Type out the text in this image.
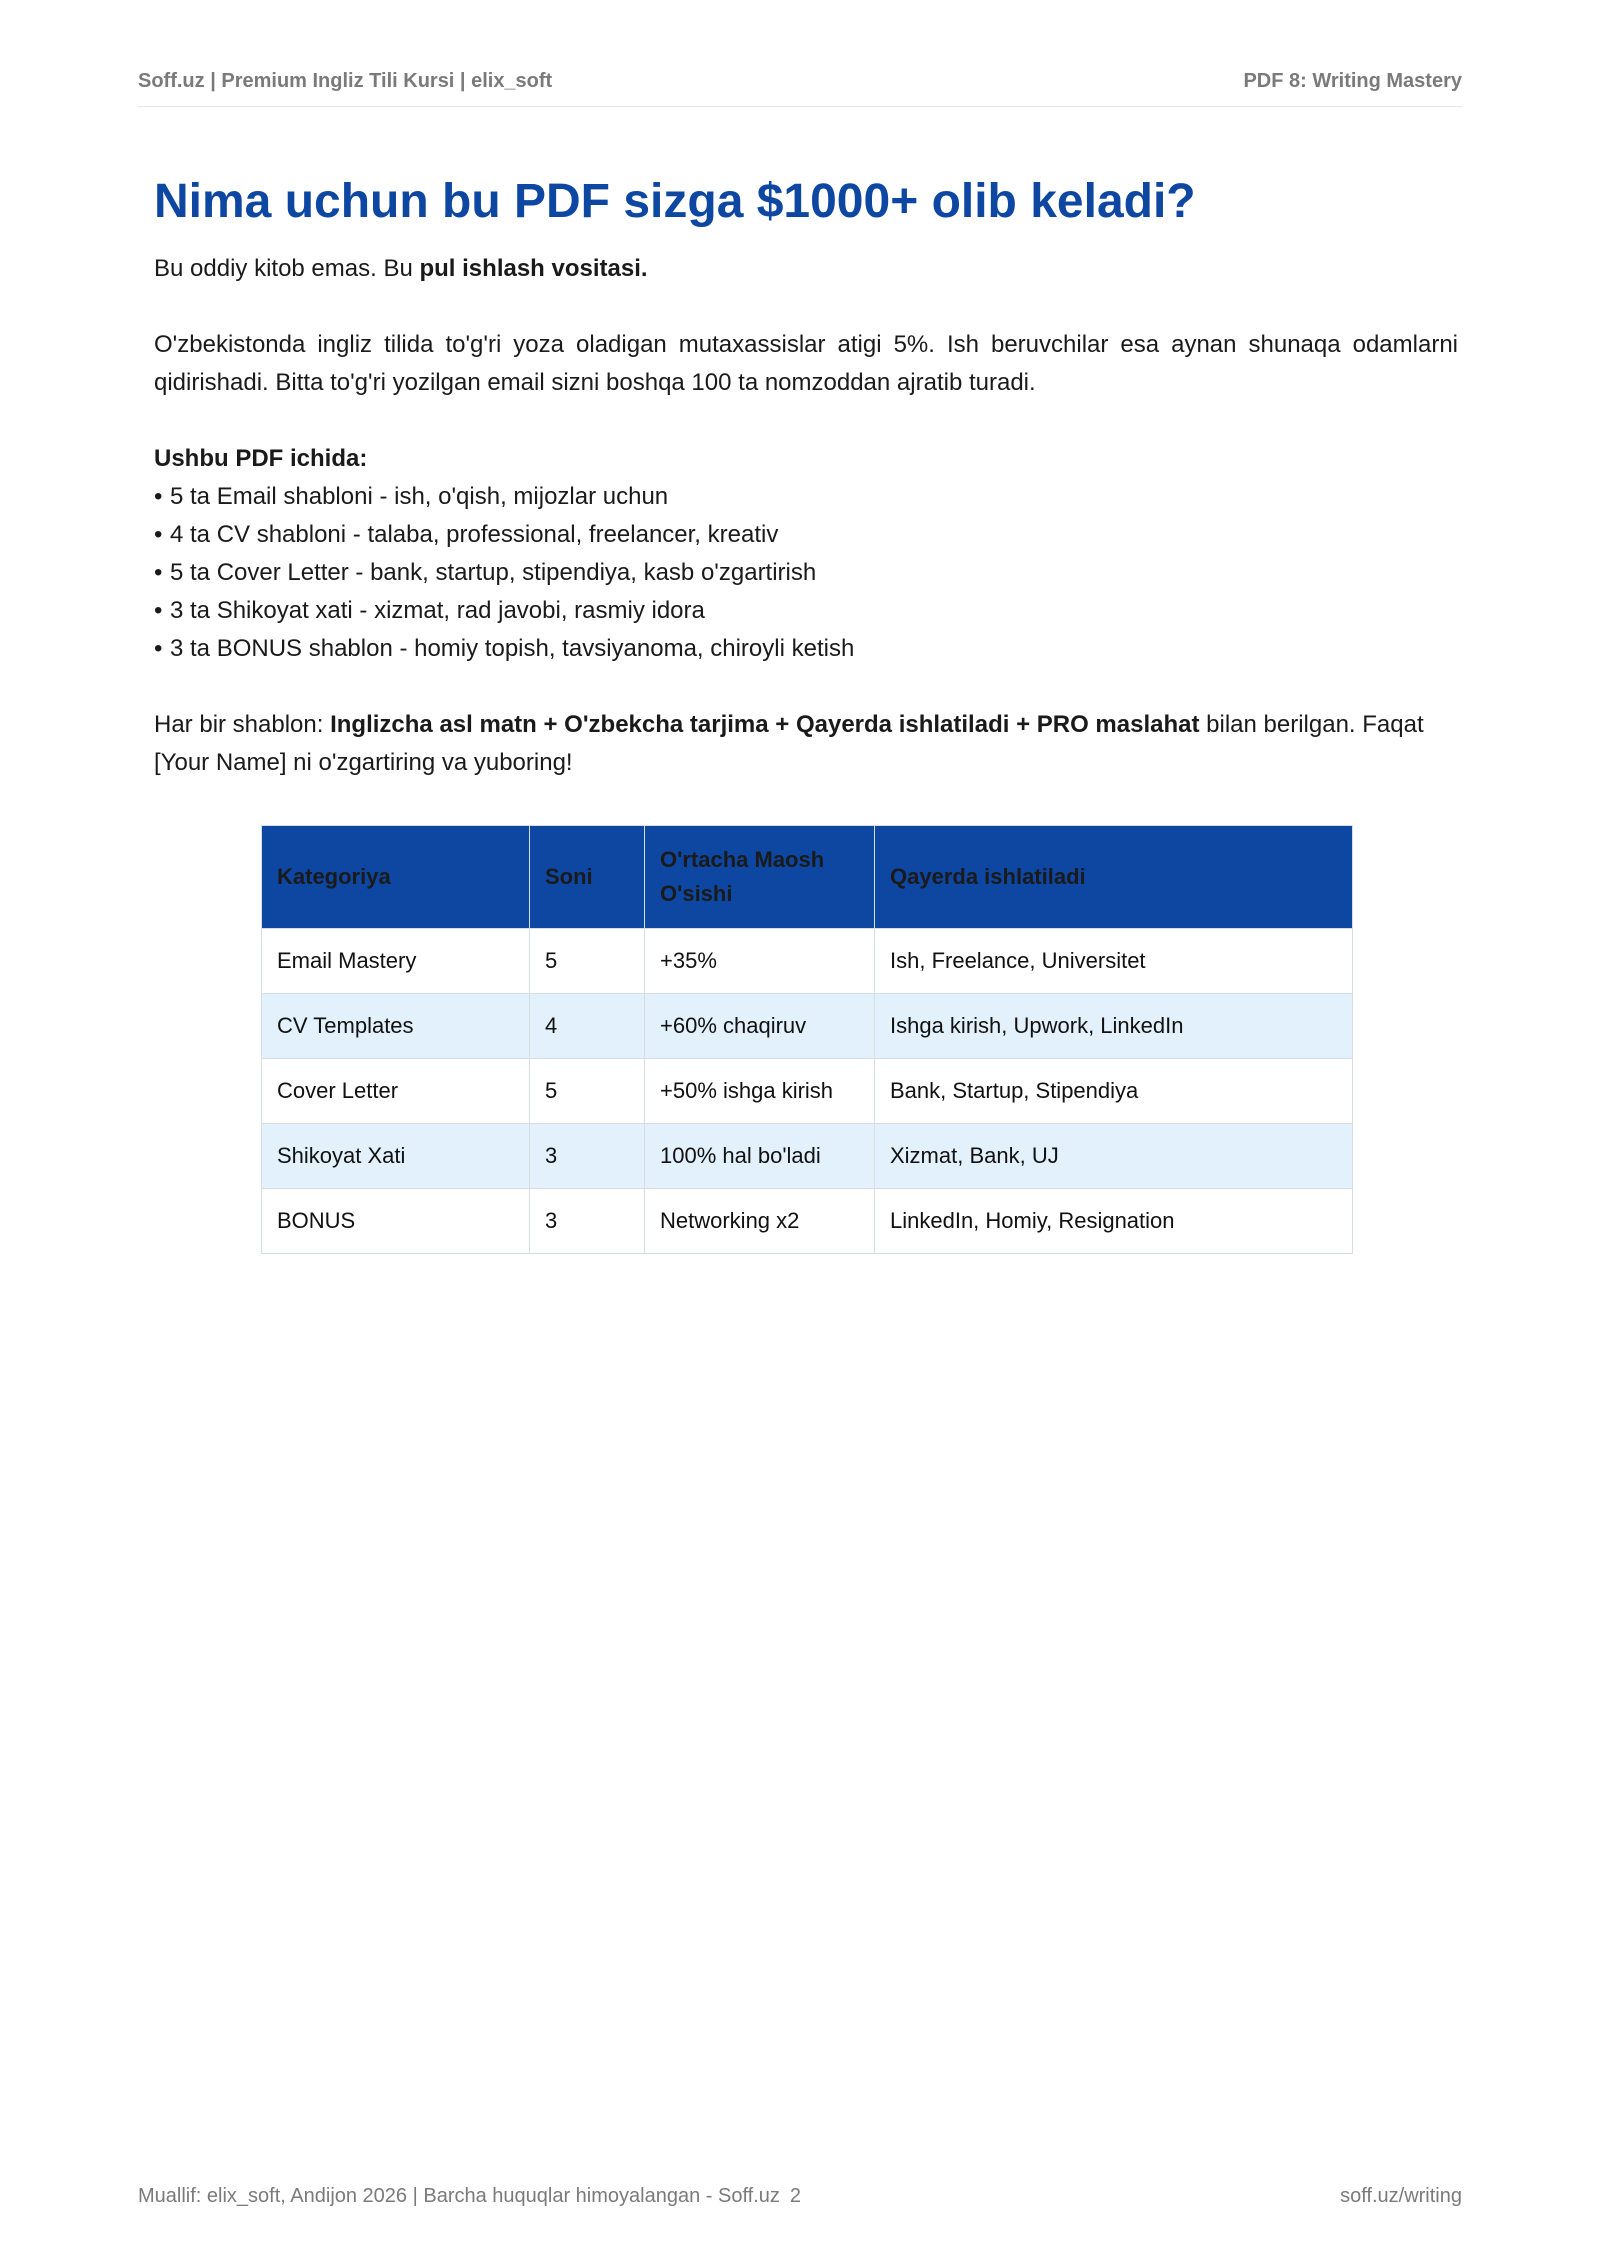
Soff.uz | Premium Ingliz Tili Kursi | elix_soft	PDF 8: Writing Mastery
Nima uchun bu PDF sizga $1000+ olib keladi?

Bu oddiy kitob emas. Bu pul ishlash vositasi.

O'zbekistonda ingliz tilida to'g'ri yoza oladigan mutaxassislar atigi 5%. Ish beruvchilar esa aynan shunaqa odamlarni qidirishadi. Bitta to'g'ri yozilgan email sizni boshqa 100 ta nomzoddan ajratib turadi.

Ushbu PDF ichida:

• 5 ta Email shabloni - ish, o'qish, mijozlar uchun
• 4 ta CV shabloni - talaba, professional, freelancer, kreativ
• 5 ta Cover Letter - bank, startup, stipendiya, kasb o'zgartirish
• 3 ta Shikoyat xati - xizmat, rad javobi, rasmiy idora
• 3 ta BONUS shablon - homiy topish, tavsiyanoma, chiroyli ketish

Har bir shablon: Inglizcha asl matn + O'zbekcha tarjima + Qayerda ishlatiladi + PRO maslahat bilan berilgan. Faqat [Your Name] ni o'zgartiring va yuboring!

Kategoriya	Soni	O'rtacha Maosh O'sishi	Qayerda ishlatiladi
Email Mastery	5	+35%	Ish, Freelance, Universitet
CV Templates	4	+60% chaqiruv	Ishga kirish, Upwork, LinkedIn
Cover Letter	5	+50% ishga kirish	Bank, Startup, Stipendiya
Shikoyat Xati	3	100% hal bo'ladi	Xizmat, Bank, UJ
BONUS	3	Networking x2	LinkedIn, Homiy, Resignation
Muallif: elix_soft, Andijon 2026 | Barcha huquqlar himoyalangan - Soff.uz 2	soff.uz/writing
